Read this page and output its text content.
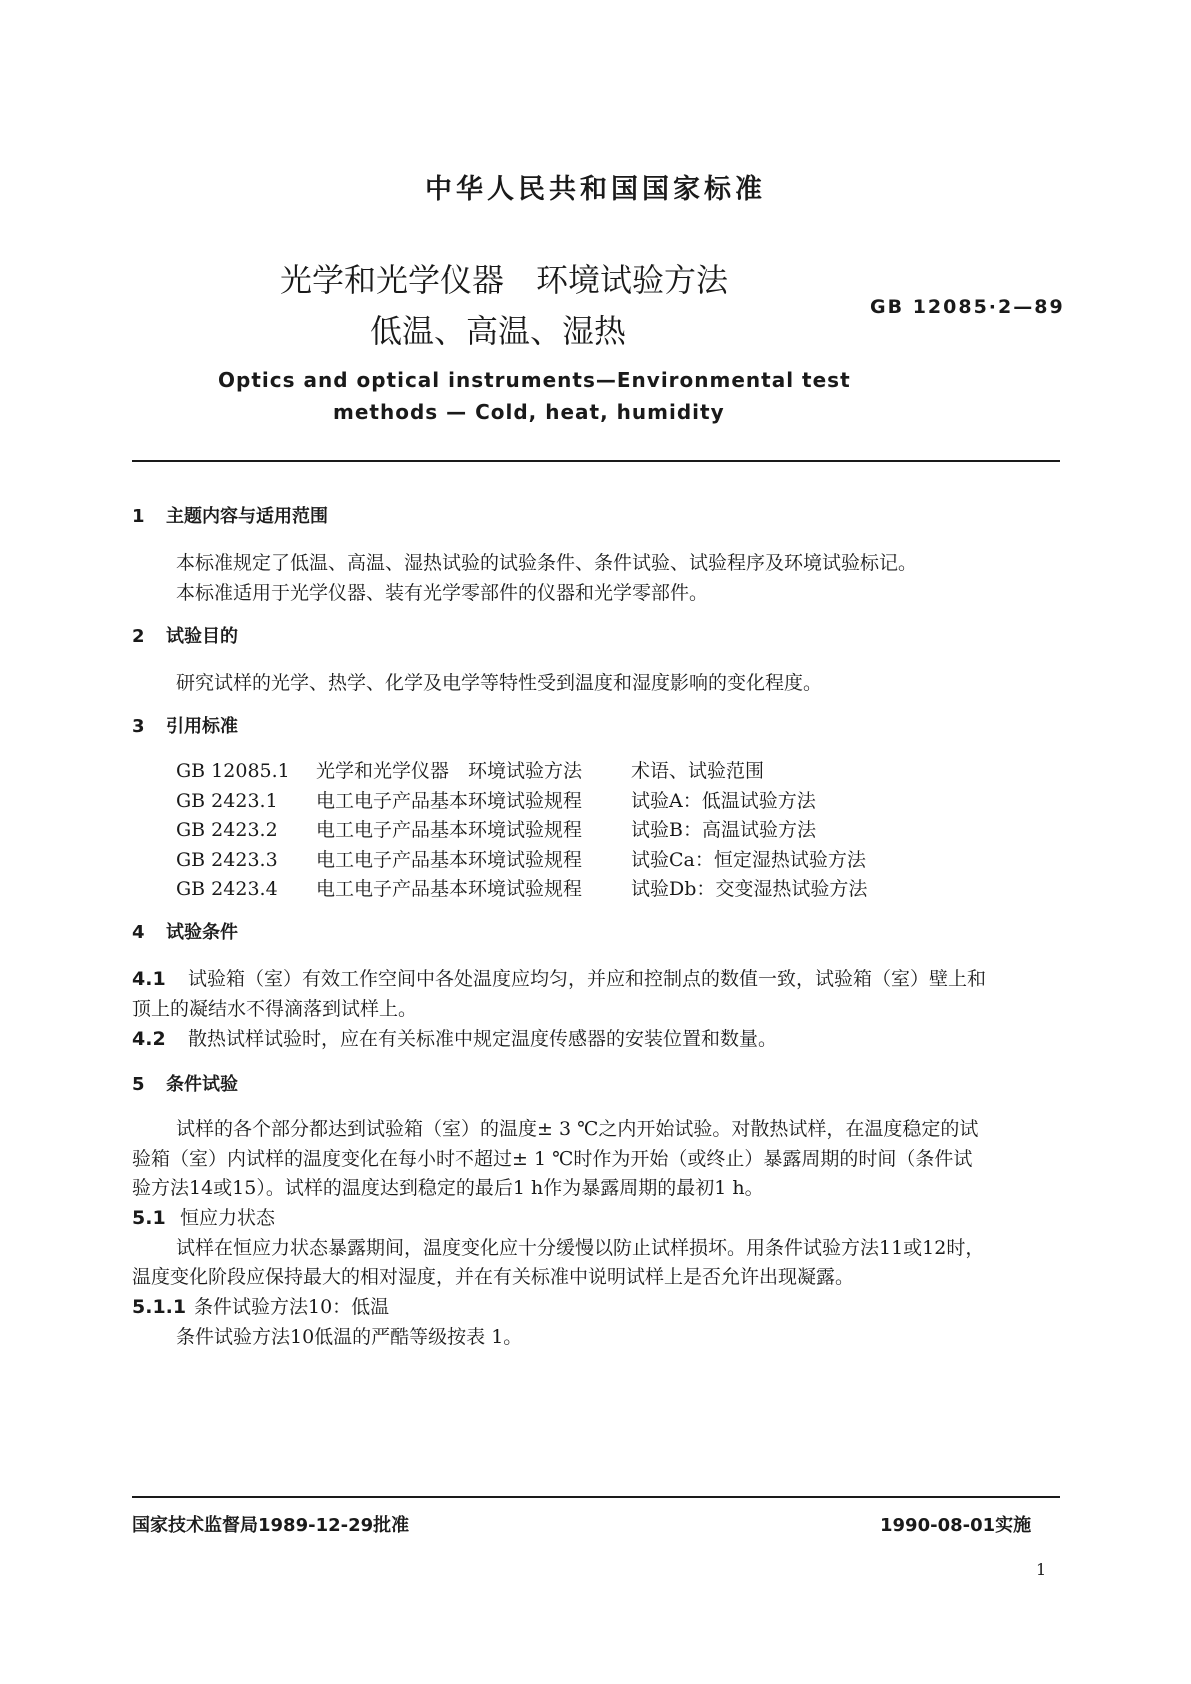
中华人民共和国国家标准
光学和光学仪器　环境试验方法
低温、高温、湿热
GB 12085·2—89
Optics and optical instruments—Environmental test
methods — Cold, heat, humidity
1 主题内容与适用范围
本标准规定了低温、高温、湿热试验的试验条件、条件试验、试验程序及环境试验标记。
本标准适用于光学仪器、装有光学零部件的仪器和光学零部件。
2 试验目的
研究试样的光学、热学、化学及电学等特性受到温度和湿度影响的变化程度。
3 引用标准
GB 12085.1 光学和光学仪器　环境试验方法	术语、试验范围
GB 2423.1 电工电子产品基本环境试验规程	试验A：低温试验方法
GB 2423.2 电工电子产品基本环境试验规程	试验B：高温试验方法
GB 2423.3 电工电子产品基本环境试验规程	试验Ca：恒定湿热试验方法
GB 2423.4 电工电子产品基本环境试验规程	试验Db：交变湿热试验方法
4 试验条件
4.1 试验箱（室）有效工作空间中各处温度应均匀，并应和控制点的数值一致，试验箱（室）壁上和
顶上的凝结水不得滴落到试样上。
4.2 散热试样试验时，应在有关标准中规定温度传感器的安装位置和数量。
5 条件试验
试样的各个部分都达到试验箱（室）的温度± 3 ℃之内开始试验。对散热试样，在温度稳定的试
验箱（室）内试样的温度变化在每小时不超过± 1 ℃时作为开始（或终止）暴露周期的时间（条件试
验方法14或15）。试样的温度达到稳定的最后1 h作为暴露周期的最初1 h。
5.1 恒应力状态
试样在恒应力状态暴露期间，温度变化应十分缓慢以防止试样损坏。用条件试验方法11或12时，
温度变化阶段应保持最大的相对湿度，并在有关标准中说明试样上是否允许出现凝露。
5.1.1 条件试验方法10：低温
条件试验方法10低温的严酷等级按表 1。
国家技术监督局1989-12-29批准	1990-08-01实施
1
